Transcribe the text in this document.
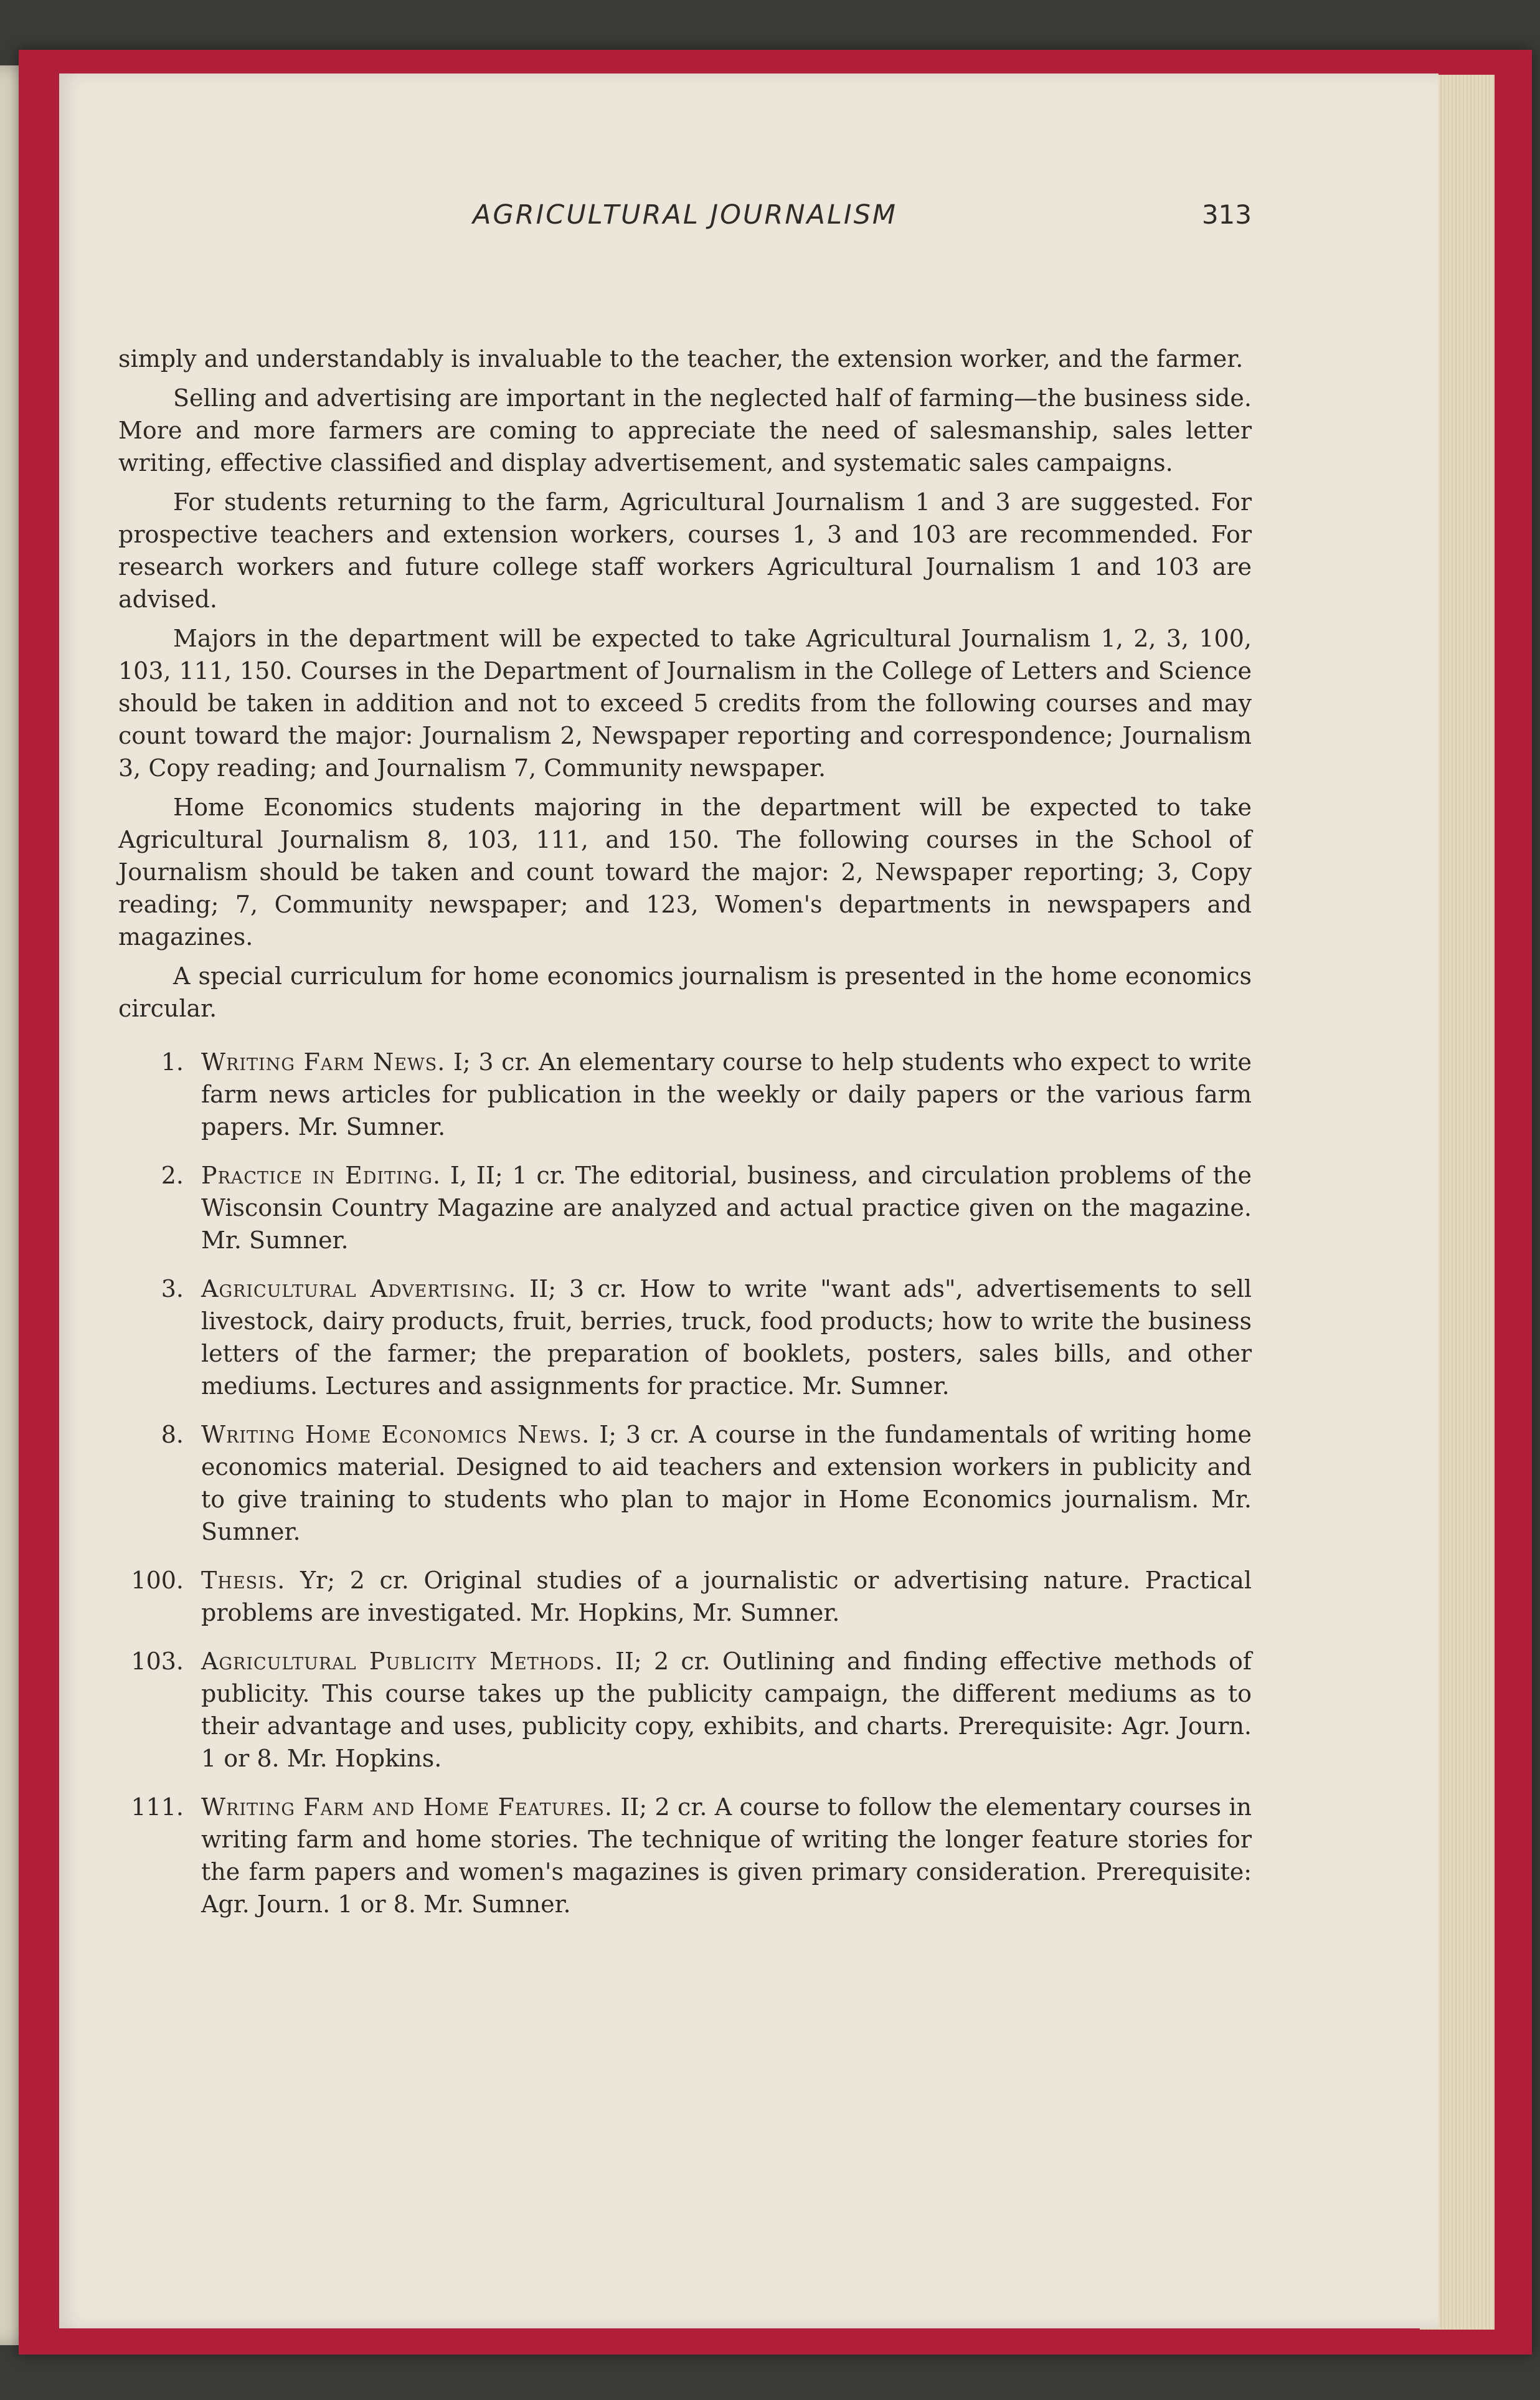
AGRICULTURAL JOURNALISM	313

simply and understandably is invaluable to the teacher, the extension worker, and the farmer.

Selling and advertising are important in the neglected half of farming—the business side. More and more farmers are coming to appreciate the need of salesmanship, sales letter writing, effective classified and display advertisement, and systematic sales campaigns.

For students returning to the farm, Agricultural Journalism 1 and 3 are suggested. For prospective teachers and extension workers, courses 1, 3 and 103 are recommended. For research workers and future college staff workers Agricultural Journalism 1 and 103 are advised.

Majors in the department will be expected to take Agricultural Journalism 1, 2, 3, 100, 103, 111, 150. Courses in the Department of Journalism in the College of Letters and Science should be taken in addition and not to exceed 5 credits from the following courses and may count toward the major: Journalism 2, Newspaper reporting and correspondence; Journalism 3, Copy reading; and Journalism 7, Community newspaper.

Home Economics students majoring in the department will be expected to take Agricultural Journalism 8, 103, 111, and 150. The following courses in the School of Journalism should be taken and count toward the major: 2, Newspaper reporting; 3, Copy reading; 7, Community newspaper; and 123, Women's departments in newspapers and magazines.

A special curriculum for home economics journalism is presented in the home economics circular.

1. Writing Farm News. I; 3 cr. An elementary course to help students who expect to write farm news articles for publication in the weekly or daily papers or the various farm papers. Mr. Sumner.
2. Practice in Editing. I, II; 1 cr. The editorial, business, and circulation problems of the Wisconsin Country Magazine are analyzed and actual practice given on the magazine. Mr. Sumner.
3. Agricultural Advertising. II; 3 cr. How to write "want ads", advertisements to sell livestock, dairy products, fruit, berries, truck, food products; how to write the business letters of the farmer; the preparation of booklets, posters, sales bills, and other mediums. Lectures and assignments for practice. Mr. Sumner.
8. Writing Home Economics News. I; 3 cr. A course in the fundamentals of writing home economics material. Designed to aid teachers and extension workers in publicity and to give training to students who plan to major in Home Economics journalism. Mr. Sumner.
100. Thesis. Yr; 2 cr. Original studies of a journalistic or advertising nature. Practical problems are investigated. Mr. Hopkins, Mr. Sumner.
103. Agricultural Publicity Methods. II; 2 cr. Outlining and finding effective methods of publicity. This course takes up the publicity campaign, the different mediums as to their advantage and uses, publicity copy, exhibits, and charts. Prerequisite: Agr. Journ. 1 or 8. Mr. Hopkins.
111. Writing Farm and Home Features. II; 2 cr. A course to follow the elementary courses in writing farm and home stories. The technique of writing the longer feature stories for the farm papers and women's magazines is given primary consideration. Prerequisite: Agr. Journ. 1 or 8. Mr. Sumner.
